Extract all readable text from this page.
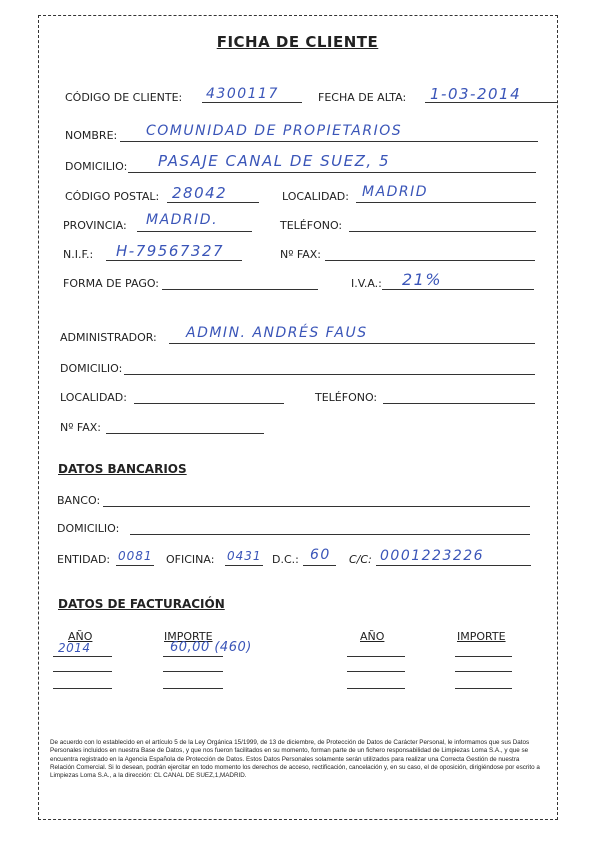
FICHA DE CLIENTE
CÓDIGO DE CLIENTE: 4300117	FECHA DE ALTA: 1-03-2014
NOMBRE: COMUNIDAD DE PROPIETARIOS
DOMICILIO: PASAJE CANAL DE SUEZ, 5
CÓDIGO POSTAL: 28042	LOCALIDAD: MADRID
PROVINCIA: MADRID.	TELÉFONO:
N.I.F.: H-79567327	Nº FAX:
FORMA DE PAGO:	I.V.A.: 21%
ADMINISTRADOR: ADMIN. ANDRÉS FAUS
DOMICILIO:
LOCALIDAD:	TELÉFONO:
Nº FAX:
DATOS BANCARIOS
BANCO:
DOMICILIO:
ENTIDAD: 0081 OFICINA: 0431 D.C.: 60 C/C: 0001223226
DATOS DE FACTURACIÓN
AÑO	IMPORTE	AÑO	IMPORTE
2014	60,00 (460)
De acuerdo con lo establecido en el artículo 5 de la Ley Orgánica 15/1999, de 13 de diciembre, de Protección de Datos de Carácter Personal, le informamos que sus Datos Personales incluidos en nuestra Base de Datos, y que nos fueron facilitados en su momento, forman parte de un fichero responsabilidad de Limpiezas Loma S.A., y que se encuentra registrado en la Agencia Española de Protección de Datos. Estos Datos Personales solamente serán utilizados para realizar una Correcta Gestión de nuestra Relación Comercial. Si lo desean, podrán ejercitar en todo momento los derechos de acceso, rectificación, cancelación y, en su caso, el de oposición, dirigiéndose por escrito a Limpiezas Loma S.A., a la dirección: CL CANAL DE SUEZ,1,MADRID.
